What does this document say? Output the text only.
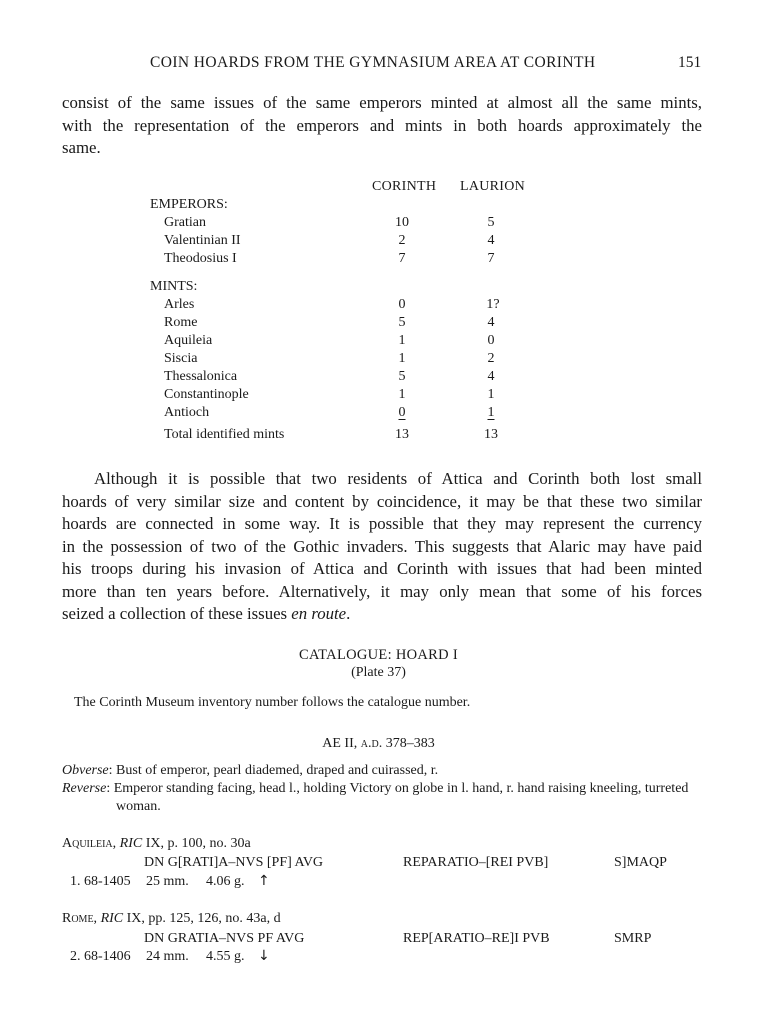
COIN HOARDS FROM THE GYMNASIUM AREA AT CORINTH	151
consist of the same issues of the same emperors minted at almost all the same mints,
with the representation of the emperors and mints in both hoards approximately the
same.
CORINTH LAURION
EMPERORS:
Gratian	10	5
Valentinian II	2	4
Theodosius I	7	7
MINTS:
Arles	0	1?
Rome	5	4
Aquileia	1	0
Siscia	1	2
Thessalonica	5	4
Constantinople	1	1
Antioch	0	1
Total identified mints	13	13
Although it is possible that two residents of Attica and Corinth both lost small
hoards of very similar size and content by coincidence, it may be that these two similar
hoards are connected in some way. It is possible that they may represent the currency
in the possession of two of the Gothic invaders. This suggests that Alaric may have paid
his troops during his invasion of Attica and Corinth with issues that had been minted
more than ten years before. Alternatively, it may only mean that some of his forces
seized a collection of these issues en route.
CATALOGUE: HOARD I
(Plate 37)
The Corinth Museum inventory number follows the catalogue number.
AE II, a.d. 378–383
Obverse: Bust of emperor, pearl diademed, draped and cuirassed, r.
Reverse: Emperor standing facing, head l., holding Victory on globe in l. hand, r. hand raising kneeling, turreted woman.
Aquileia, RIC IX, p. 100, no. 30a
DN G[RATI]A–NVS [PF] AVG	REPARATIO–[REI PVB]	S]MAQP
1. 68-1405 25 mm. 4.06 g. ↑
Rome, RIC IX, pp. 125, 126, no. 43a, d
DN GRATIA–NVS PF AVG	REP[ARATIO–RE]I PVB	SMRP
2. 68-1406 24 mm. 4.55 g. ↓
